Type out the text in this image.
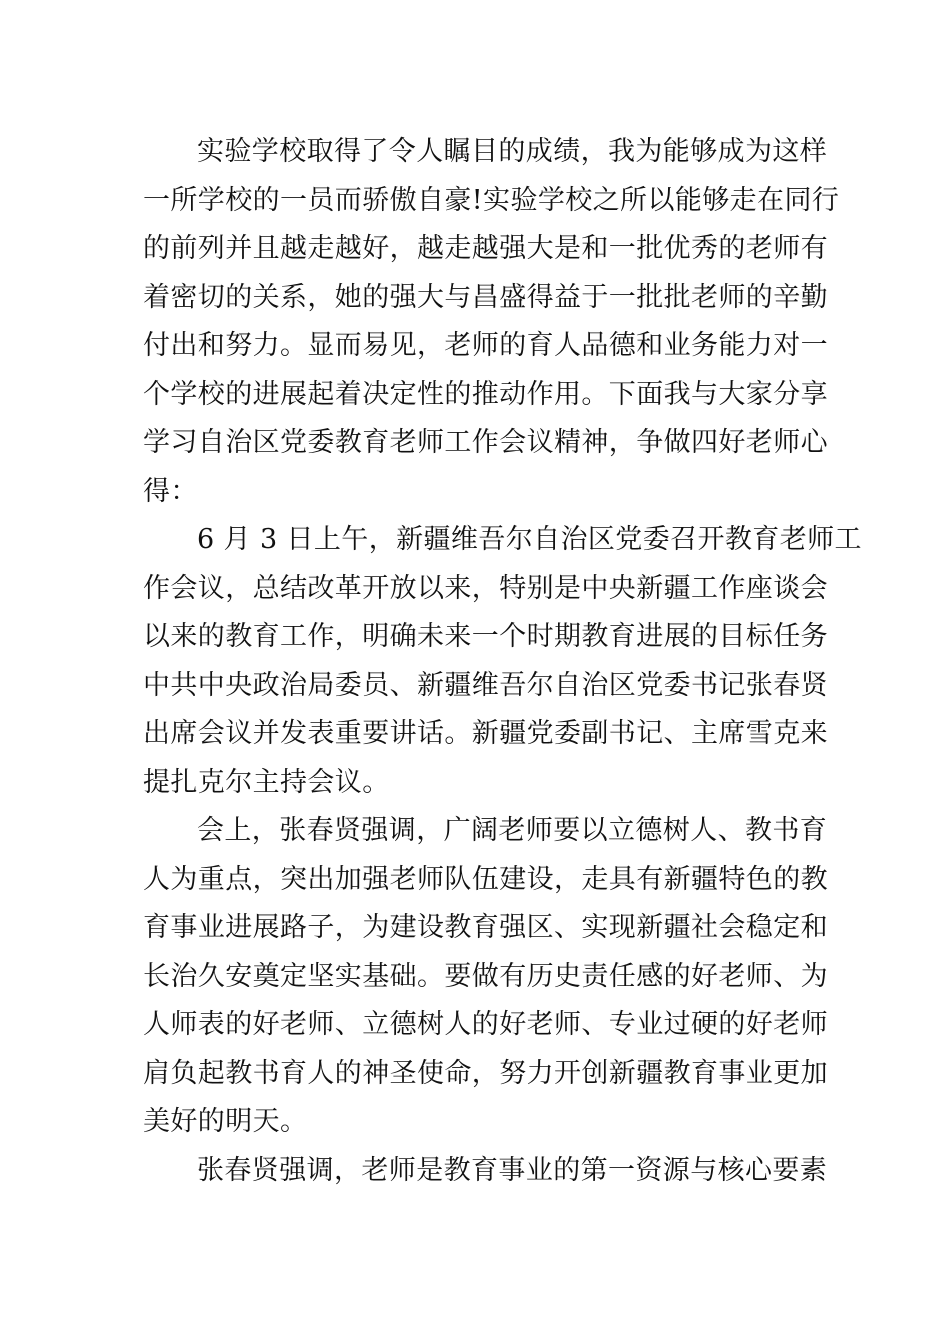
实验学校取得了令人瞩目的成绩，我为能够成为这样
一所学校的一员而骄傲自豪!实验学校之所以能够走在同行
的前列并且越走越好，越走越强大是和一批优秀的老师有
着密切的关系，她的强大与昌盛得益于一批批老师的辛勤
付出和努力。显而易见，老师的育人品德和业务能力对一
个学校的进展起着决定性的推动作用。下面我与大家分享
学习自治区党委教育老师工作会议精神，争做四好老师心
得：

6 月 3 日上午，新疆维吾尔自治区党委召开教育老师工
作会议，总结改革开放以来，特别是中央新疆工作座谈会
以来的教育工作，明确未来一个时期教育进展的目标任务
中共中央政治局委员、新疆维吾尔自治区党委书记张春贤
出席会议并发表重要讲话。新疆党委副书记、主席雪克来
提扎克尔主持会议。

会上，张春贤强调，广阔老师要以立德树人、教书育
人为重点，突出加强老师队伍建设，走具有新疆特色的教
育事业进展路子，为建设教育强区、实现新疆社会稳定和
长治久安奠定坚实基础。要做有历史责任感的好老师、为
人师表的好老师、立德树人的好老师、专业过硬的好老师
肩负起教书育人的神圣使命，努力开创新疆教育事业更加
美好的明天。

张春贤强调，老师是教育事业的第一资源与核心要素
